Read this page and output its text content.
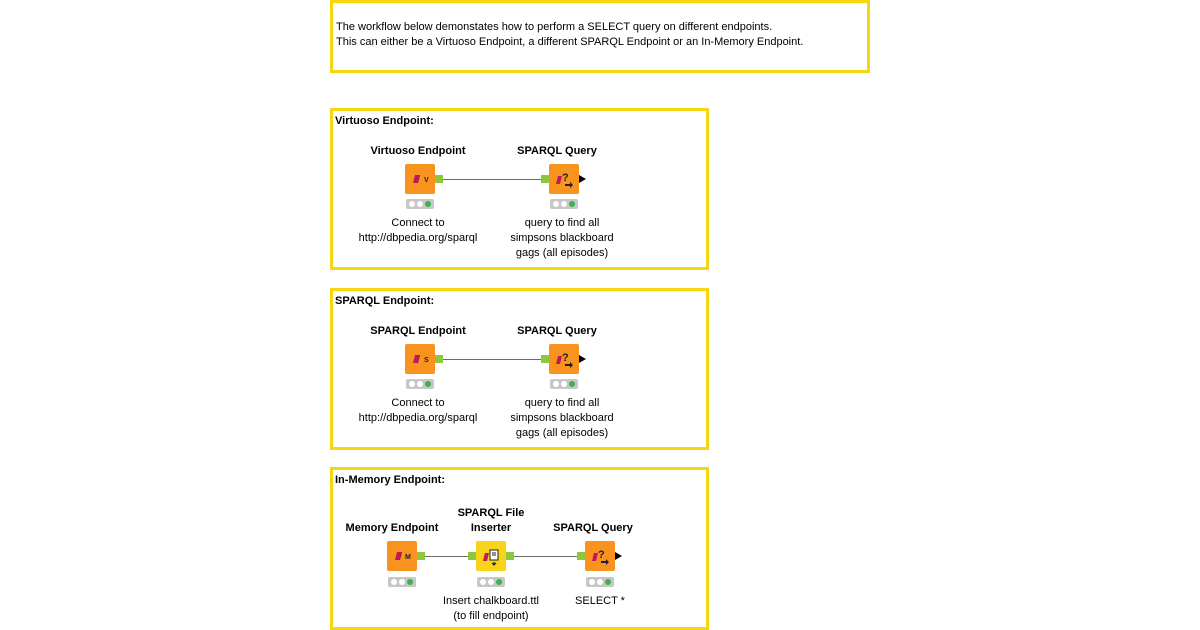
The workflow below demonstates how to perform a SELECT query on different endpoints.
This can either be a Virtuoso Endpoint, a different SPARQL Endpoint or an In-Memory Endpoint.
Virtuoso Endpoint:
Virtuoso Endpoint
V	?
SPARQL Query
Connect to
http://dbpedia.org/sparql
query to find all
simpsons blackboard
gags (all episodes)
SPARQL Endpoint:
SPARQL Endpoint
S	?
SPARQL Query
Connect to
http://dbpedia.org/sparql
query to find all
simpsons blackboard
gags (all episodes)
In-Memory Endpoint:
Memory Endpoint
M	?
SPARQL File
Inserter	SPARQL Query
Insert chalkboard.ttl
(to fill endpoint)
SELECT *
